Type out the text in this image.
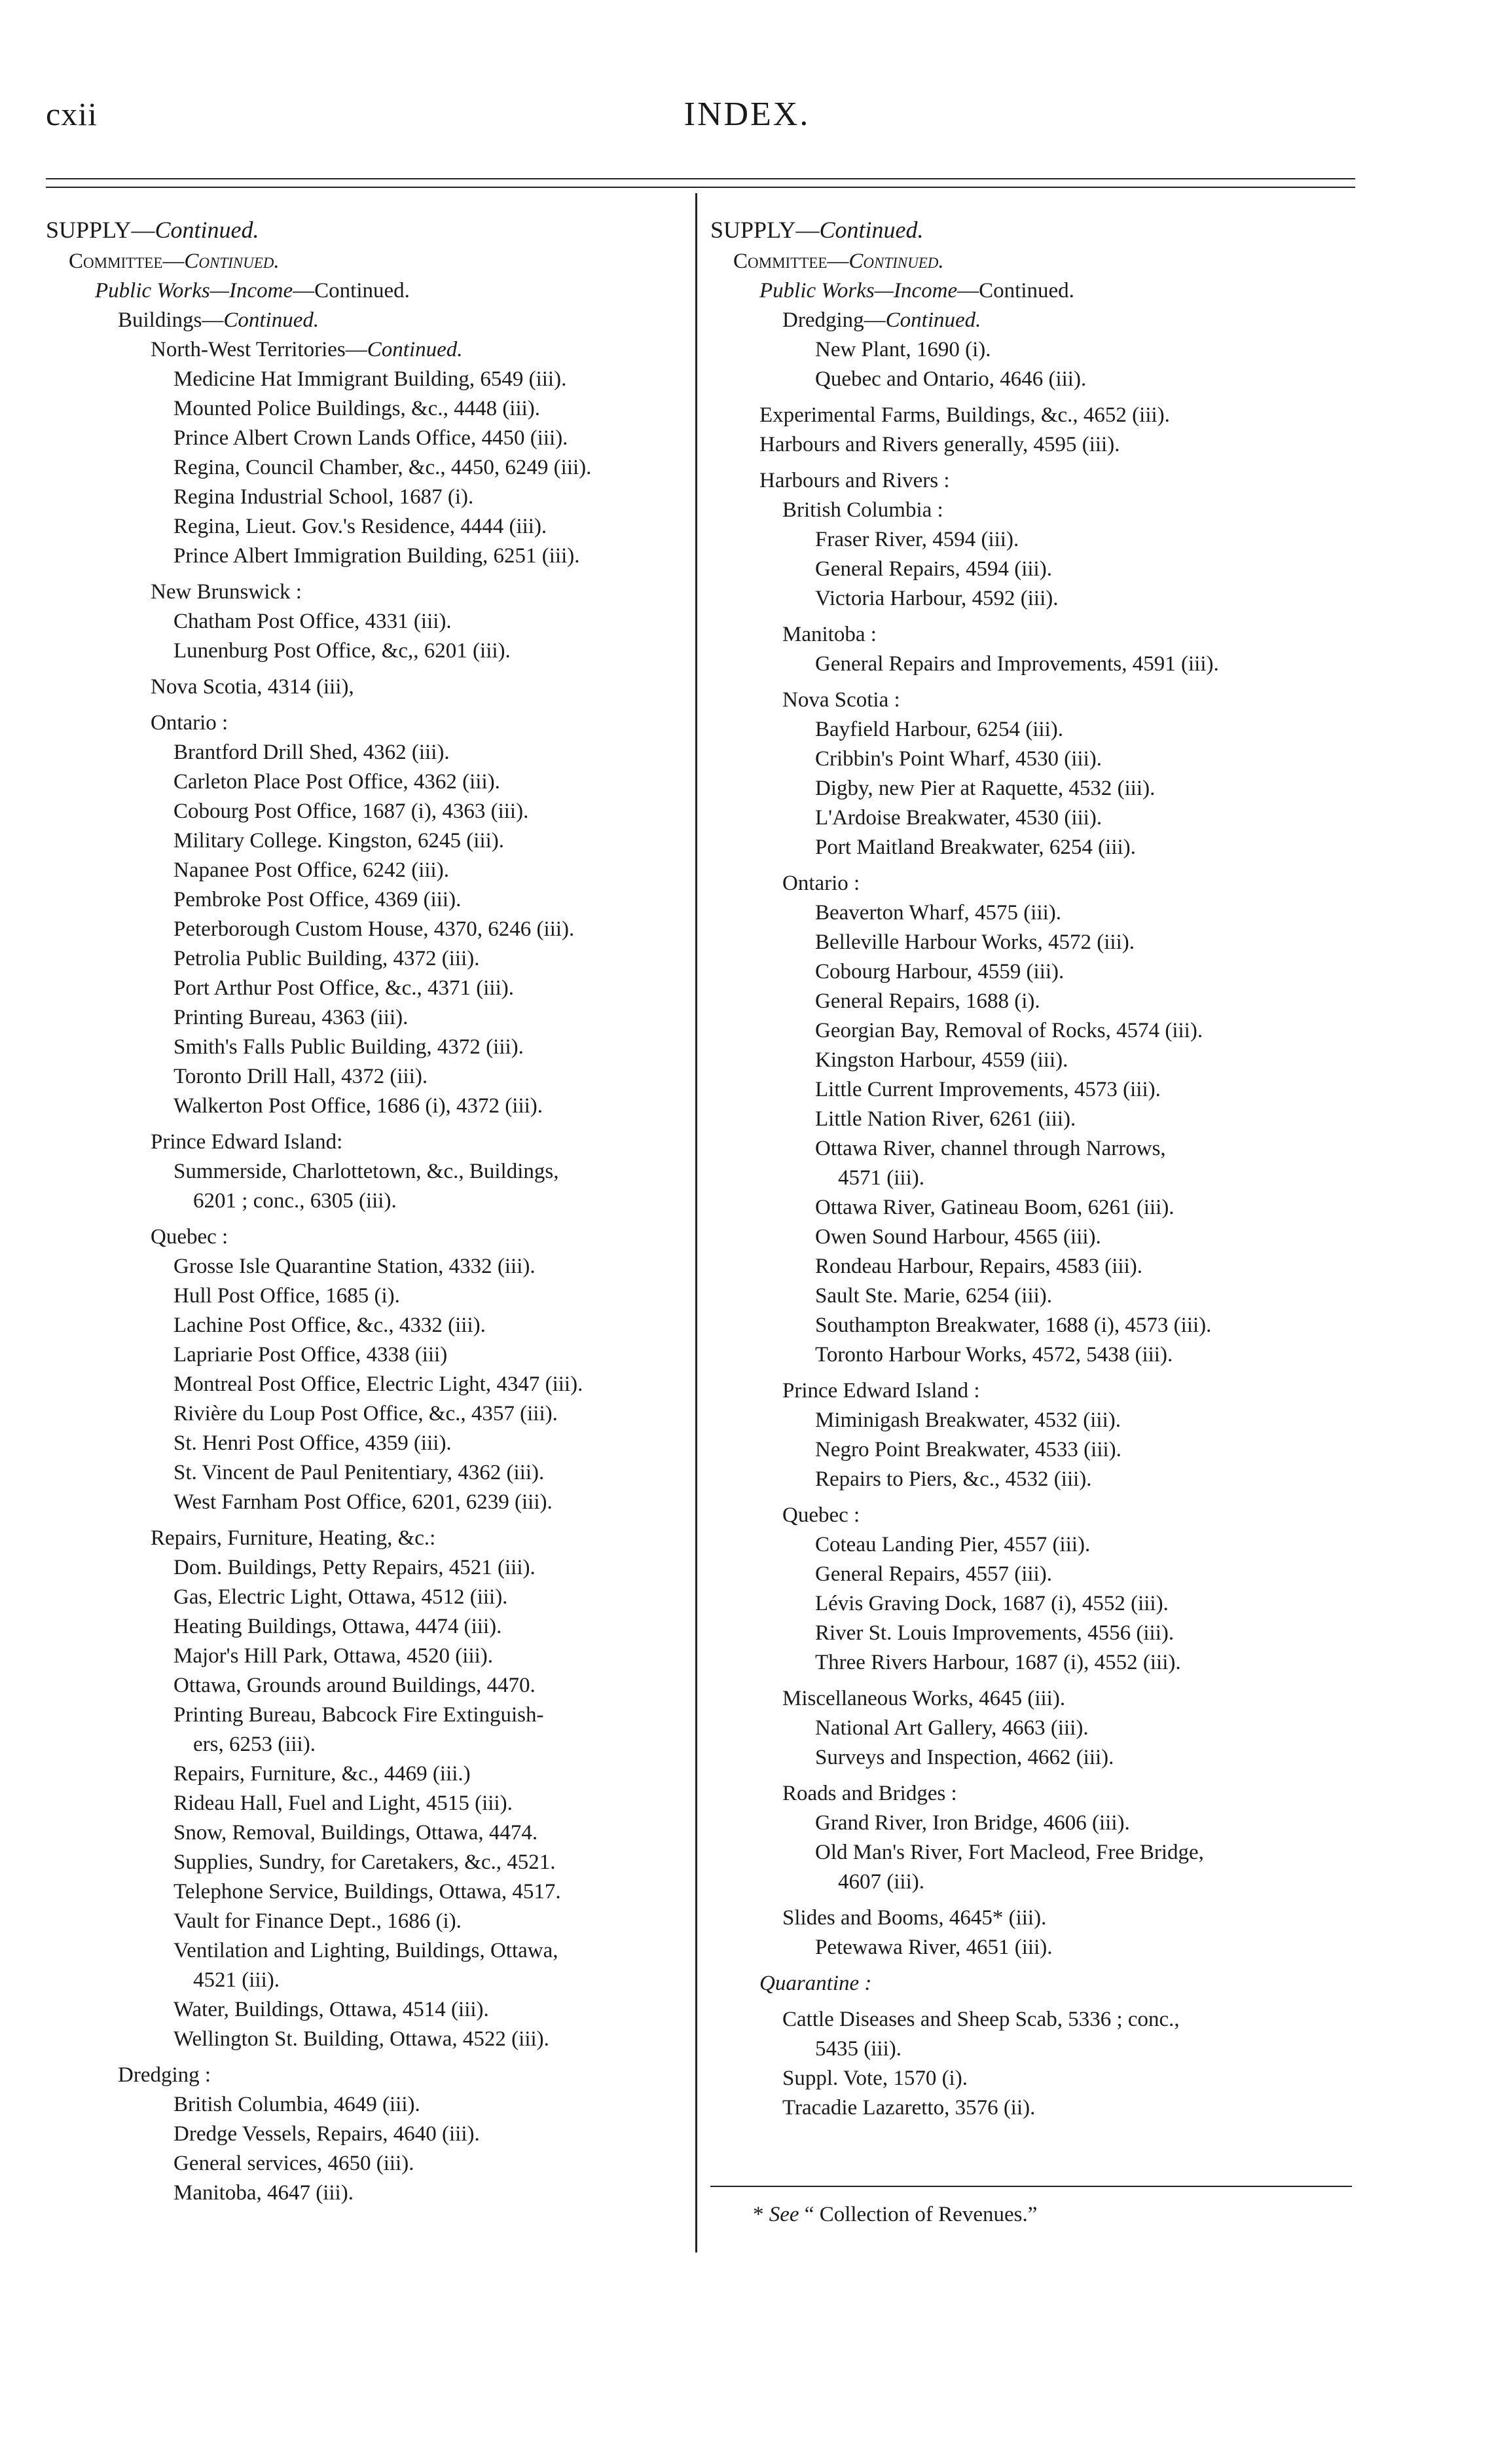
cxii	INDEX.
SUPPLY—Continued.
Committee—Continued.
Public Works—Income—Continued.
Buildings—Continued.
North-West Territories—Continued.
Medicine Hat Immigrant Building, 6549 (iii).
Mounted Police Buildings, &c., 4448 (iii).
Prince Albert Crown Lands Office, 4450 (iii).
Regina, Council Chamber, &c., 4450, 6249 (iii).
Regina Industrial School, 1687 (i).
Regina, Lieut. Gov.'s Residence, 4444 (iii).
Prince Albert Immigration Building, 6251 (iii).
New Brunswick :
Chatham Post Office, 4331 (iii).
Lunenburg Post Office, &c,, 6201 (iii).
Nova Scotia, 4314 (iii),
Ontario :
Brantford Drill Shed, 4362 (iii).
Carleton Place Post Office, 4362 (iii).
Cobourg Post Office, 1687 (i), 4363 (iii).
Military College. Kingston, 6245 (iii).
Napanee Post Office, 6242 (iii).
Pembroke Post Office, 4369 (iii).
Peterborough Custom House, 4370, 6246 (iii).
Petrolia Public Building, 4372 (iii).
Port Arthur Post Office, &c., 4371 (iii).
Printing Bureau, 4363 (iii).
Smith's Falls Public Building, 4372 (iii).
Toronto Drill Hall, 4372 (iii).
Walkerton Post Office, 1686 (i), 4372 (iii).
Prince Edward Island:
Summerside, Charlottetown, &c., Buildings,
6201 ; conc., 6305 (iii).
Quebec :
Grosse Isle Quarantine Station, 4332 (iii).
Hull Post Office, 1685 (i).
Lachine Post Office, &c., 4332 (iii).
Lapriarie Post Office, 4338 (iii)
Montreal Post Office, Electric Light, 4347 (iii).
Rivière du Loup Post Office, &c., 4357 (iii).
St. Henri Post Office, 4359 (iii).
St. Vincent de Paul Penitentiary, 4362 (iii).
West Farnham Post Office, 6201, 6239 (iii).
Repairs, Furniture, Heating, &c.:
Dom. Buildings, Petty Repairs, 4521 (iii).
Gas, Electric Light, Ottawa, 4512 (iii).
Heating Buildings, Ottawa, 4474 (iii).
Major's Hill Park, Ottawa, 4520 (iii).
Ottawa, Grounds around Buildings, 4470.
Printing Bureau, Babcock Fire Extinguish-
ers, 6253 (iii).
Repairs, Furniture, &c., 4469 (iii.)
Rideau Hall, Fuel and Light, 4515 (iii).
Snow, Removal, Buildings, Ottawa, 4474.
Supplies, Sundry, for Caretakers, &c., 4521.
Telephone Service, Buildings, Ottawa, 4517.
Vault for Finance Dept., 1686 (i).
Ventilation and Lighting, Buildings, Ottawa,
4521 (iii).
Water, Buildings, Ottawa, 4514 (iii).
Wellington St. Building, Ottawa, 4522 (iii).
Dredging :
British Columbia, 4649 (iii).
Dredge Vessels, Repairs, 4640 (iii).
General services, 4650 (iii).
Manitoba, 4647 (iii).
SUPPLY—Continued.
Committee—Continued.
Public Works—Income—Continued.
Dredging—Continued.
New Plant, 1690 (i).
Quebec and Ontario, 4646 (iii).
Experimental Farms, Buildings, &c., 4652 (iii).
Harbours and Rivers generally, 4595 (iii).
Harbours and Rivers :
British Columbia :
Fraser River, 4594 (iii).
General Repairs, 4594 (iii).
Victoria Harbour, 4592 (iii).
Manitoba :
General Repairs and Improvements, 4591 (iii).
Nova Scotia :
Bayfield Harbour, 6254 (iii).
Cribbin's Point Wharf, 4530 (iii).
Digby, new Pier at Raquette, 4532 (iii).
L'Ardoise Breakwater, 4530 (iii).
Port Maitland Breakwater, 6254 (iii).
Ontario :
Beaverton Wharf, 4575 (iii).
Belleville Harbour Works, 4572 (iii).
Cobourg Harbour, 4559 (iii).
General Repairs, 1688 (i).
Georgian Bay, Removal of Rocks, 4574 (iii).
Kingston Harbour, 4559 (iii).
Little Current Improvements, 4573 (iii).
Little Nation River, 6261 (iii).
Ottawa River, channel through Narrows,
4571 (iii).
Ottawa River, Gatineau Boom, 6261 (iii).
Owen Sound Harbour, 4565 (iii).
Rondeau Harbour, Repairs, 4583 (iii).
Sault Ste. Marie, 6254 (iii).
Southampton Breakwater, 1688 (i), 4573 (iii).
Toronto Harbour Works, 4572, 5438 (iii).
Prince Edward Island :
Miminigash Breakwater, 4532 (iii).
Negro Point Breakwater, 4533 (iii).
Repairs to Piers, &c., 4532 (iii).
Quebec :
Coteau Landing Pier, 4557 (iii).
General Repairs, 4557 (iii).
Lévis Graving Dock, 1687 (i), 4552 (iii).
River St. Louis Improvements, 4556 (iii).
Three Rivers Harbour, 1687 (i), 4552 (iii).
Miscellaneous Works, 4645 (iii).
National Art Gallery, 4663 (iii).
Surveys and Inspection, 4662 (iii).
Roads and Bridges :
Grand River, Iron Bridge, 4606 (iii).
Old Man's River, Fort Macleod, Free Bridge,
4607 (iii).
Slides and Booms, 4645* (iii).
Petewawa River, 4651 (iii).
Quarantine :
Cattle Diseases and Sheep Scab, 5336 ; conc.,
5435 (iii).
Suppl. Vote, 1570 (i).
Tracadie Lazaretto, 3576 (ii).
* See “ Collection of Revenues.”
